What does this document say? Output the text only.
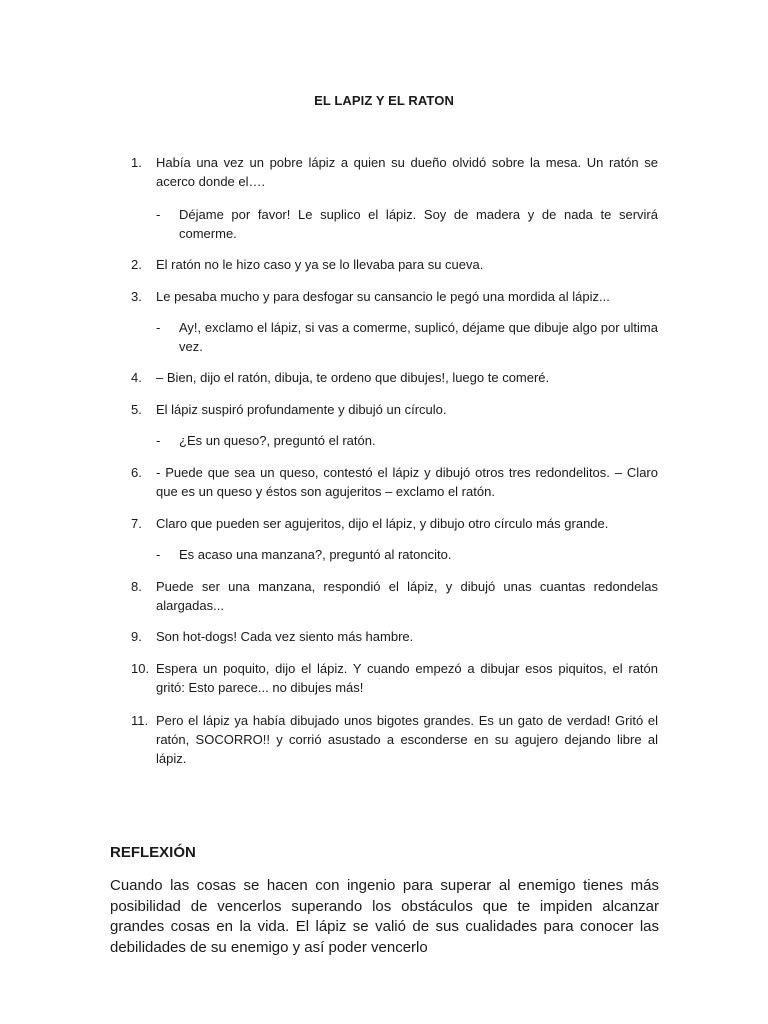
EL LAPIZ Y EL RATON
1.	Había una vez un pobre lápiz a quien su dueño olvidó sobre la mesa. Un ratón se acerco donde el….
-	Déjame por favor! Le suplico el lápiz. Soy de madera y de nada te servirá comerme.
2.	El ratón no le hizo caso y ya se lo llevaba para su cueva.
3.	Le pesaba mucho y para desfogar su cansancio le pegó una mordida al lápiz...
-	Ay!, exclamo el lápiz, si vas a comerme, suplicó, déjame que dibuje algo por ultima vez.
4.	– Bien, dijo el ratón, dibuja, te ordeno que dibujes!, luego te comeré.
5.	El lápiz suspiró profundamente y dibujó un círculo.
-	¿Es un queso?, preguntó el ratón.
6.	- Puede que sea un queso, contestó el lápiz y dibujó otros tres redondelitos. – Claro que es un queso y éstos son agujeritos – exclamo el ratón.
7.	Claro que pueden ser agujeritos, dijo el lápiz, y dibujo otro círculo más grande.
-	Es acaso una manzana?, preguntó al ratoncito.
8.	Puede ser una manzana, respondió el lápiz, y dibujó unas cuantas redondelas alargadas...
9.	Son hot-dogs! Cada vez siento más hambre.
10. Espera un poquito, dijo el lápiz. Y cuando empezó a dibujar esos piquitos, el ratón gritó: Esto parece... no dibujes más!
11. Pero el lápiz ya había dibujado unos bigotes grandes. Es un gato de verdad! Gritó el ratón, SOCORRO!! y corrió asustado a esconderse en su agujero dejando libre al lápiz.
REFLEXIÓN
Cuando las cosas se hacen con ingenio para superar al enemigo tienes más posibilidad de vencerlos superando los obstáculos que te impiden alcanzar grandes cosas en la vida. El lápiz se valió de sus cualidades para conocer las debilidades de su enemigo y así poder vencerlo
